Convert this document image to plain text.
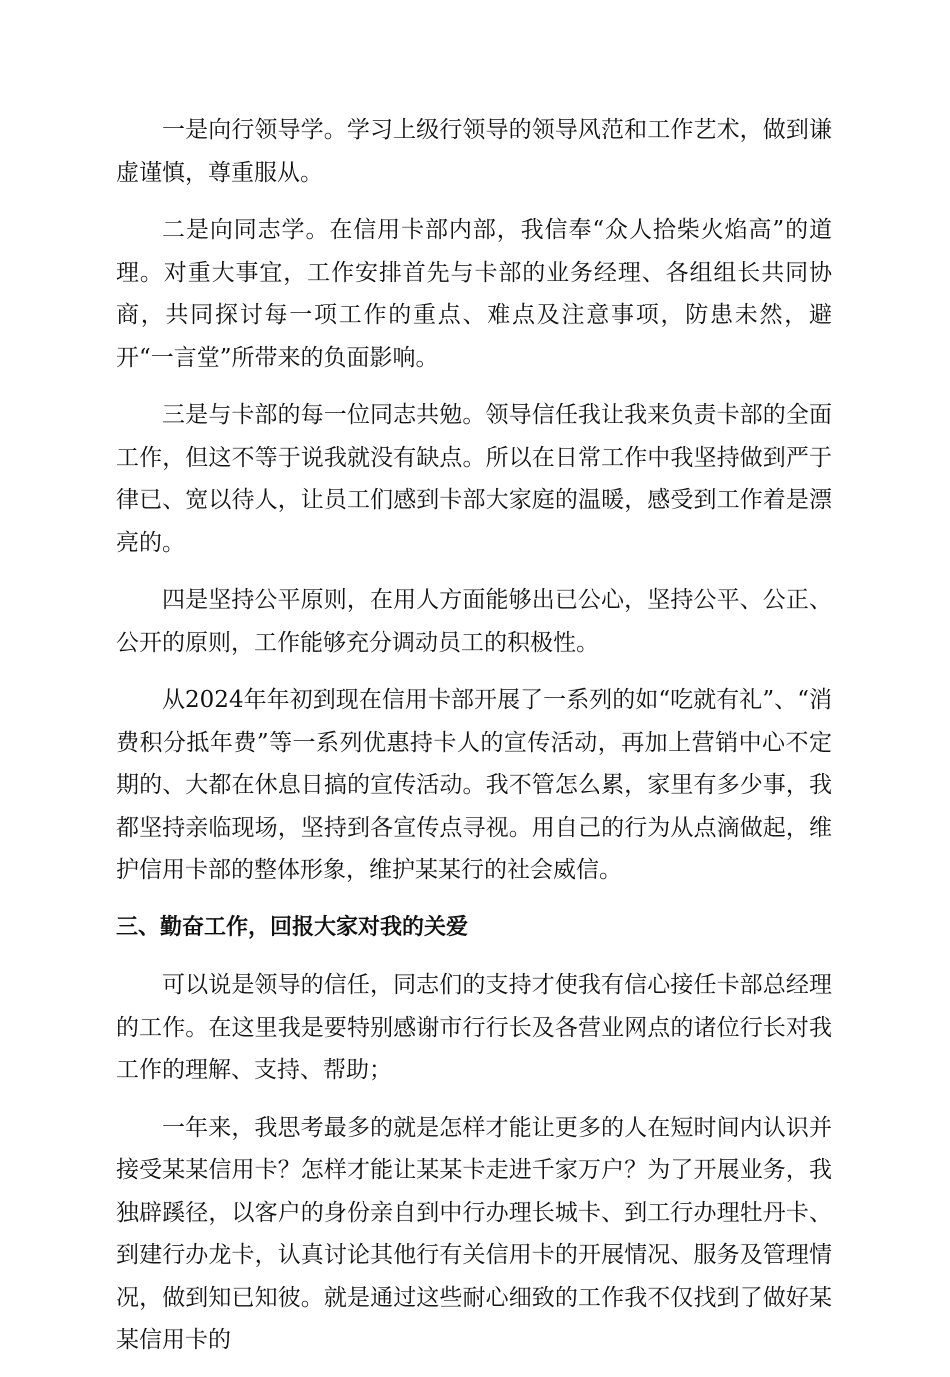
一是向行领导学。学习上级行领导的领导风范和工作艺术，做到谦虚谨慎，尊重服从。

二是向同志学。在信用卡部内部，我信奉“众人拾柴火焰高”的道理。对重大事宜，工作安排首先与卡部的业务经理、各组组长共同协商，共同探讨每一项工作的重点、难点及注意事项，防患未然，避开“一言堂”所带来的负面影响。

三是与卡部的每一位同志共勉。领导信任我让我来负责卡部的全面工作，但这不等于说我就没有缺点。所以在日常工作中我坚持做到严于律已、宽以待人，让员工们感到卡部大家庭的温暖，感受到工作着是漂亮的。

四是坚持公平原则，在用人方面能够出已公心，坚持公平、公正、公开的原则，工作能够充分调动员工的积极性。

从2024年年初到现在信用卡部开展了一系列的如“吃就有礼”、“消费积分抵年费”等一系列优惠持卡人的宣传活动，再加上营销中心不定期的、大都在休息日搞的宣传活动。我不管怎么累，家里有多少事，我都坚持亲临现场，坚持到各宣传点寻视。用自己的行为从点滴做起，维护信用卡部的整体形象，维护某某行的社会威信。

三、勤奋工作，回报大家对我的关爱

可以说是领导的信任，同志们的支持才使我有信心接任卡部总经理的工作。在这里我是要特别感谢市行行长及各营业网点的诸位行长对我工作的理解、支持、帮助；

一年来，我思考最多的就是怎样才能让更多的人在短时间内认识并接受某某信用卡？怎样才能让某某卡走进千家万户？为了开展业务，我独辟蹊径，以客户的身份亲自到中行办理长城卡、到工行办理牡丹卡、到建行办龙卡，认真讨论其他行有关信用卡的开展情况、服务及管理情况，做到知已知彼。就是通过这些耐心细致的工作我不仅找到了做好某某信用卡的
